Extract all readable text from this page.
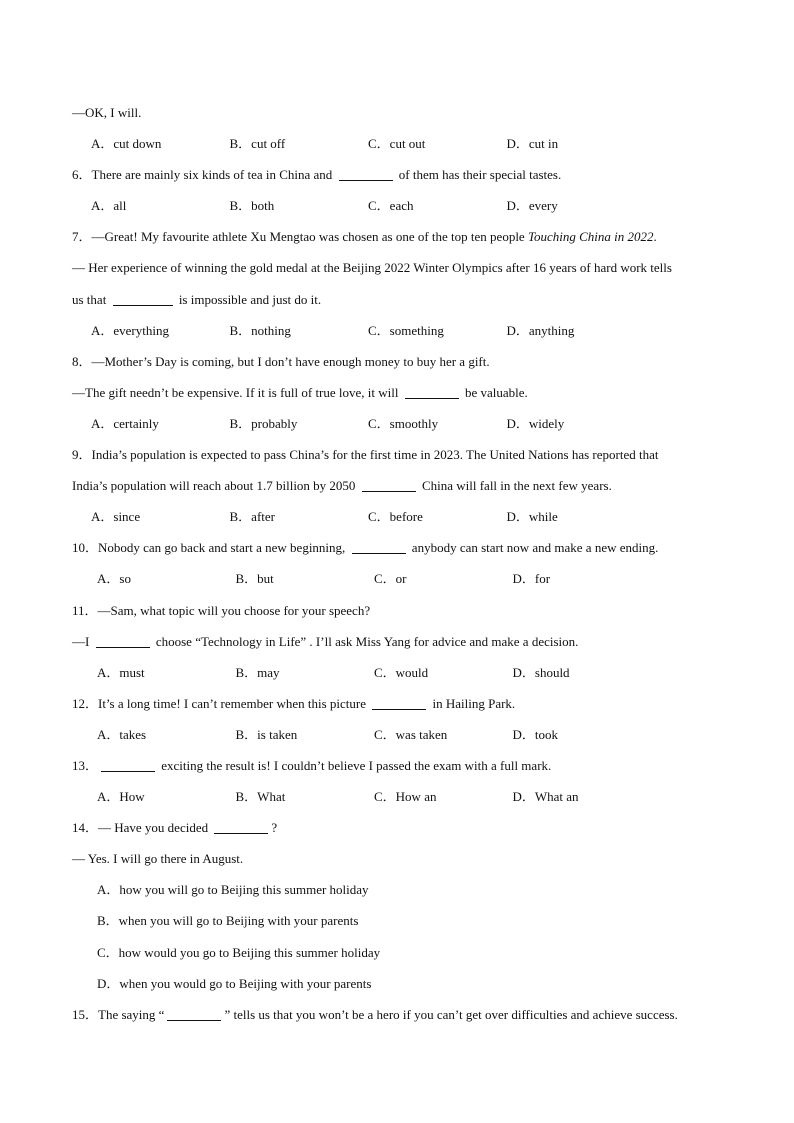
—OK, I will.
A．cut down	B．cut off	C．cut out	D．cut in
6．There are mainly six kinds of tea in China and	of them has their special tastes.
A．all	B．both	C．each	D．every
7．—Great! My favourite athlete Xu Mengtao was chosen as one of the top ten people Touching China in 2022.
— Her experience of winning the gold medal at the Beijing 2022 Winter Olympics after 16 years of hard work tells
us that	is impossible and just do it.
A．everything	B．nothing	C．something	D．anything
8．—Mother’s Day is coming, but I don’t have enough money to buy her a gift.
—The gift needn’t be expensive. If it is full of true love, it will	be valuable.
A．certainly	B．probably	C．smoothly	D．widely
9．India’s population is expected to pass China’s for the first time in 2023. The United Nations has reported that
India’s population will reach about 1.7 billion by 2050	China will fall in the next few years.
A．since	B．after	C．before	D．while
10．Nobody can go back and start a new beginning,	anybody can start now and make a new ending.
A．so	B．but	C．or	D．for
11．—Sam, what topic will you choose for your speech?
—I	choose “Technology in Life” . I’ll ask Miss Yang for advice and make a decision.
A．must	B．may	C．would	D．should
12．It’s a long time! I can’t remember when this picture	in Hailing Park.
A．takes	B．is taken	C．was taken	D．took
13．	exciting the result is! I couldn’t believe I passed the exam with a full mark.
A．How	B．What	C．How an	D．What an
14．— Have you decided	?
— Yes. I will go there in August.
A．how you will go to Beijing this summer holiday
B．when you will go to Beijing with your parents
C．how would you go to Beijing this summer holiday
D．when you would go to Beijing with your parents
15．The saying “	” tells us that you won’t be a hero if you can’t get over difficulties and achieve success.
